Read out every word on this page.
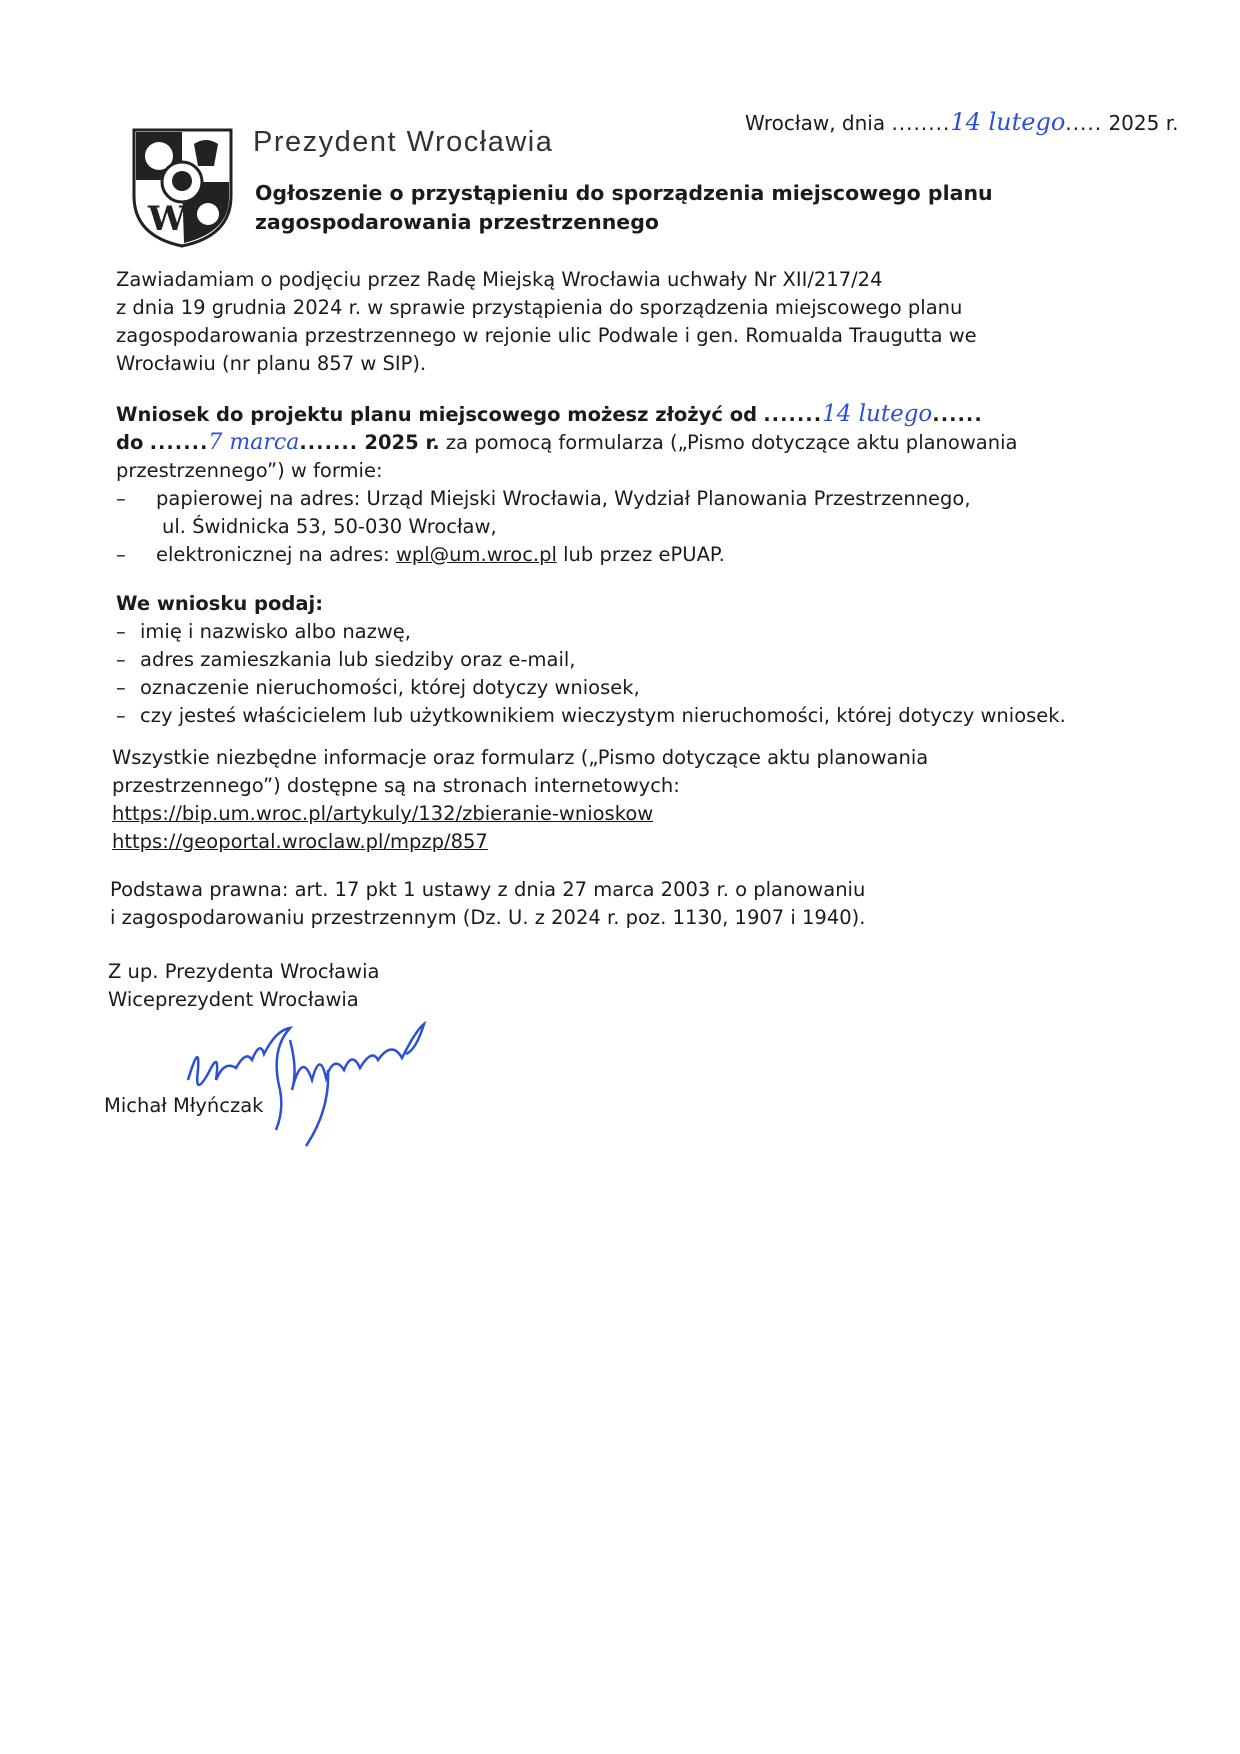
W
Prezydent Wrocławia
Wrocław, dnia ........14 lutego..... 2025 r.
Ogłoszenie o przystąpieniu do sporządzenia miejscowego planu
zagospodarowania przestrzennego

Zawiadamiam o podjęciu przez Radę Miejską Wrocławia uchwały Nr XII/217/24

z dnia 19 grudnia 2024 r. w sprawie przystąpienia do sporządzenia miejscowego planu

zagospodarowania przestrzennego w rejonie ulic Podwale i gen. Romualda Traugutta we

Wrocławiu (nr planu 857 w SIP).

Wniosek do projektu planu miejscowego możesz złożyć od .......14 lutego......

do .......7 marca....... 2025 r. za pomocą formularza („Pismo dotyczące aktu planowania

przestrzennego”) w formie:

– papierowej na adres: Urząd Miejski Wrocławia, Wydział Planowania Przestrzennego,

ul. Świdnicka 53, 50-030 Wrocław,

– elektronicznej na adres: wpl@um.wroc.pl lub przez ePUAP.

We wniosku podaj:

– imię i nazwisko albo nazwę,

– adres zamieszkania lub siedziby oraz e-mail,

– oznaczenie nieruchomości, której dotyczy wniosek,

– czy jesteś właścicielem lub użytkownikiem wieczystym nieruchomości, której dotyczy wniosek.

Wszystkie niezbędne informacje oraz formularz („Pismo dotyczące aktu planowania

przestrzennego”) dostępne są na stronach internetowych:

https://bip.um.wroc.pl/artykuly/132/zbieranie-wnioskow

https://geoportal.wroclaw.pl/mpzp/857

Podstawa prawna: art. 17 pkt 1 ustawy z dnia 27 marca 2003 r. o planowaniu

i zagospodarowaniu przestrzennym (Dz. U. z 2024 r. poz. 1130, 1907 i 1940).

Z up. Prezydenta Wrocławia

Wiceprezydent Wrocławia

Michał Młyńczak
